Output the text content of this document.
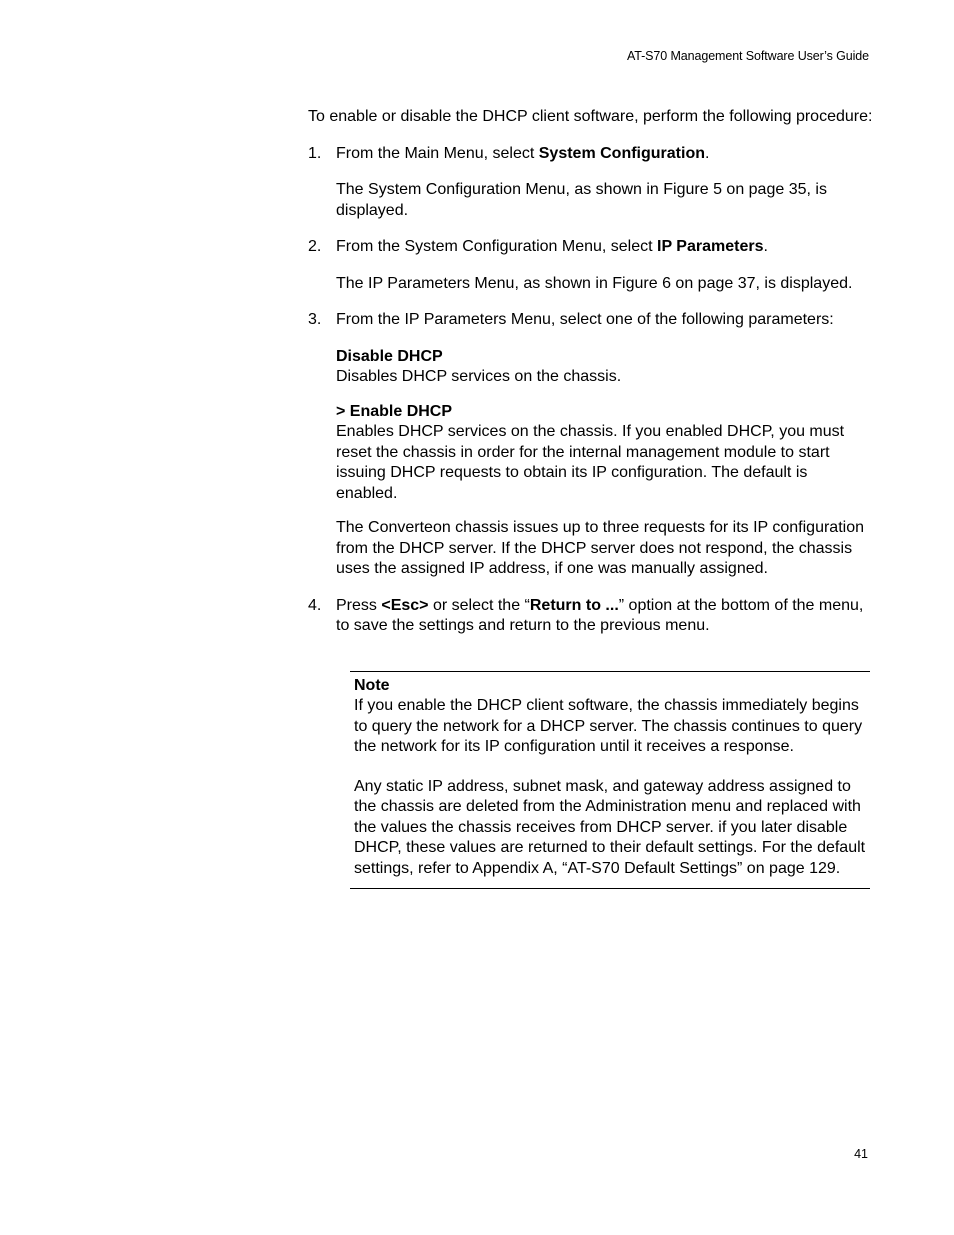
AT-S70 Management Software User’s Guide

To enable or disable the DHCP client software, perform the following procedure:

1. From the Main Menu, select System Configuration.

The System Configuration Menu, as shown in Figure 5 on page 35, is displayed.

2. From the System Configuration Menu, select IP Parameters.

The IP Parameters Menu, as shown in Figure 6 on page 37, is displayed.

3. From the IP Parameters Menu, select one of the following parameters:

Disable DHCP
Disables DHCP services on the chassis.
> Enable DHCP
Enables DHCP services on the chassis. If you enabled DHCP, you must reset the chassis in order for the internal management module to start issuing DHCP requests to obtain its IP configuration. The default is enabled.

The Converteon chassis issues up to three requests for its IP configuration from the DHCP server. If the DHCP server does not respond, the chassis uses the assigned IP address, if one was manually assigned.

4. Press <Esc> or select the “Return to ...” option at the bottom of the menu, to save the settings and return to the previous menu.

Note

If you enable the DHCP client software, the chassis immediately begins to query the network for a DHCP server. The chassis continues to query the network for its IP configuration until it receives a response.

Any static IP address, subnet mask, and gateway address assigned to the chassis are deleted from the Administration menu and replaced with the values the chassis receives from DHCP server. if you later disable DHCP, these values are returned to their default settings. For the default settings, refer to Appendix A, “AT-S70 Default Settings” on page 129.

41
